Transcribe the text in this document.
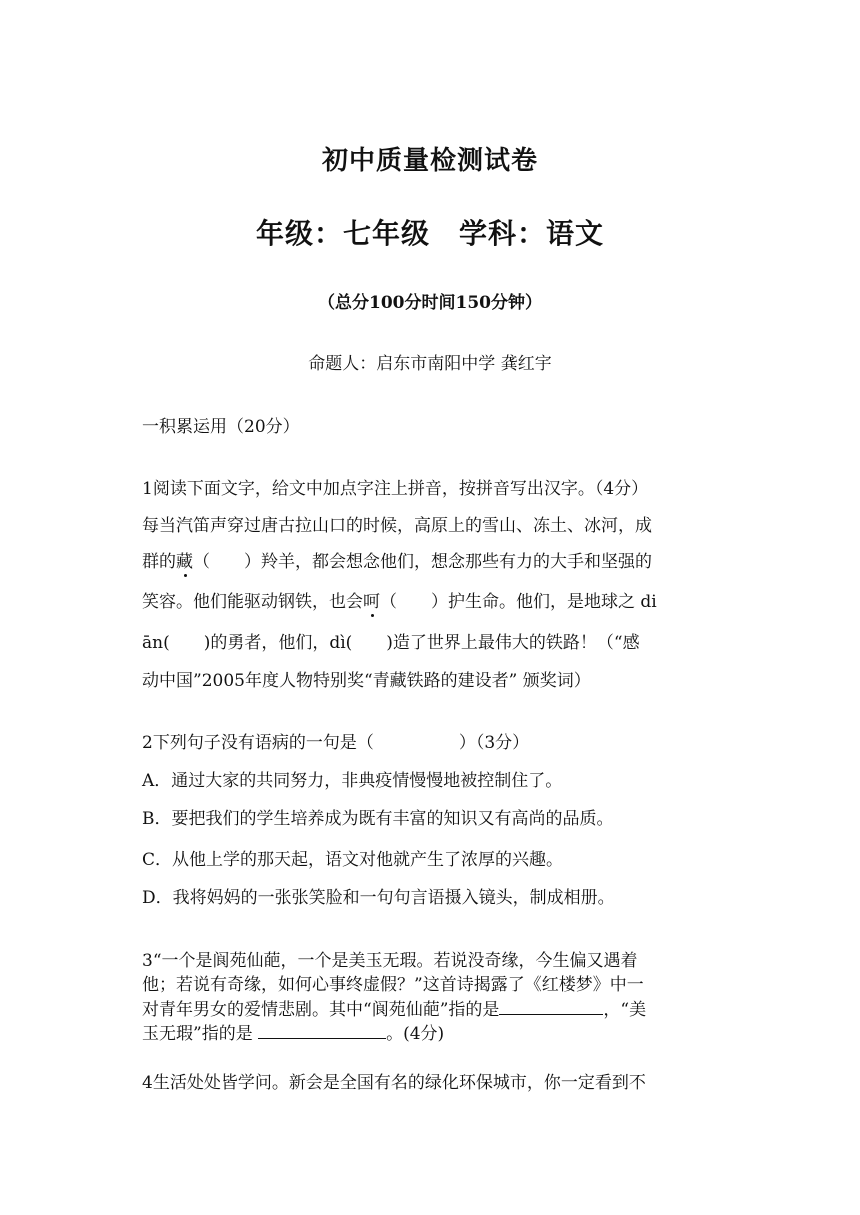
初中质量检测试卷
年级：七年级　学科：语文
（总分100分时间150分钟）
命题人：启东市南阳中学 龚红宇
一积累运用（20分）
1阅读下面文字，给文中加点字注上拼音，按拼音写出汉字。（4分）
每当汽笛声穿过唐古拉山口的时候，高原上的雪山、冻土、冰河，成
群的藏（　　）羚羊，都会想念他们，想念那些有力的大手和坚强的
笑容。他们能驱动钢铁，也会呵（　　）护生命。他们，是地球之 di
ān(　　)的勇者，他们，dì(　　)造了世界上最伟大的铁路！（“感
动中国”2005年度人物特别奖“青藏铁路的建设者” 颁奖词）
2下列句子没有语病的一句是（　　　　　）（3分）
A．通过大家的共同努力，非典疫情慢慢地被控制住了。
B．要把我们的学生培养成为既有丰富的知识又有高尚的品质。
C．从他上学的那天起，语文对他就产生了浓厚的兴趣。
D．我将妈妈的一张张笑脸和一句句言语摄入镜头，制成相册。
3“一个是阆苑仙葩，一个是美玉无瑕。若说没奇缘，今生偏又遇着
他；若说有奇缘，如何心事终虚假？”这首诗揭露了《红楼梦》中一
对青年男女的爱情悲剧。其中“阆苑仙葩”指的是	，“美
玉无瑕”指的是	。(4分)
4生活处处皆学问。新会是全国有名的绿化环保城市，你一定看到不
